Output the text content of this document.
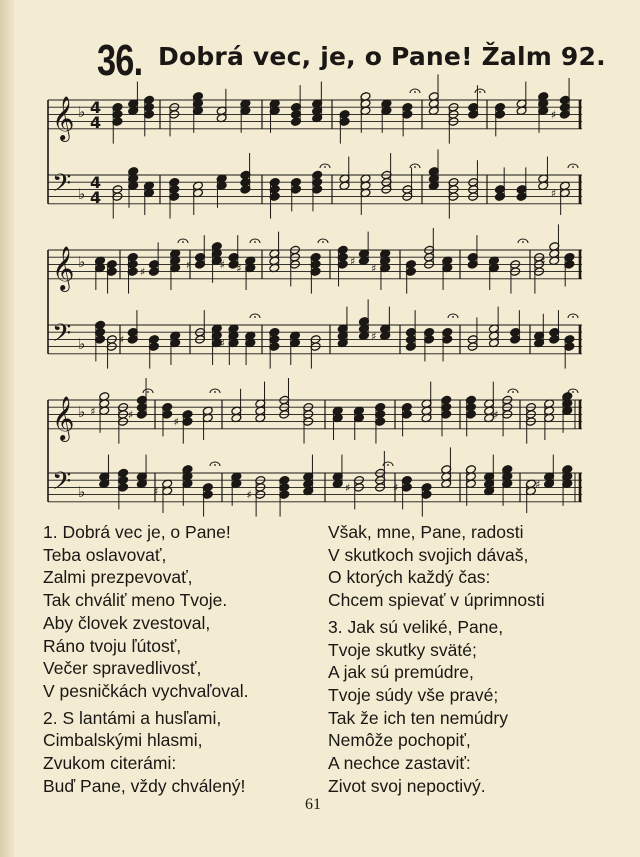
36. Dobrá vec, je, o Pane! Žalm 92.
𝄞 ♭ 4
4	♯
𝄢 ♭
4
4	♯
𝄞 ♭
♯
♯	♯ ♯
♯
♯
♯
𝄢 ♭	♯	♯
♯
𝄞 ♭ ♯	♯
♯
♯
𝄢 ♭	♯	♯
♯	♯	♯
1. Dobrá vec je, o Pane!
Teba oslavovať,
Zalmi prezpevovať,
Tak chváliť meno Tvoje.
Aby človek zvestoval,
Ráno tvoju ľútosť,
Večer spravedlivosť,
V pesničkách vychvaľoval.
2. S lantámi a husľami,
Cimbalskými hlasmi,
Zvukom citerámi:
Buď Pane, vždy chválený!
Však, mne, Pane, radosti
V skutkoch svojich dávaš,
O ktorých každý čas:
Chcem spievať v úprimnosti
3. Jak sú veliké, Pane,
Tvoje skutky sväté;
A jak sú premúdre,
Tvoje súdy vše pravé;
Tak že ich ten nemúdry
Nemôže pochopiť,
A nechce zastaviť:
Zivot svoj nepoctivý.
61
